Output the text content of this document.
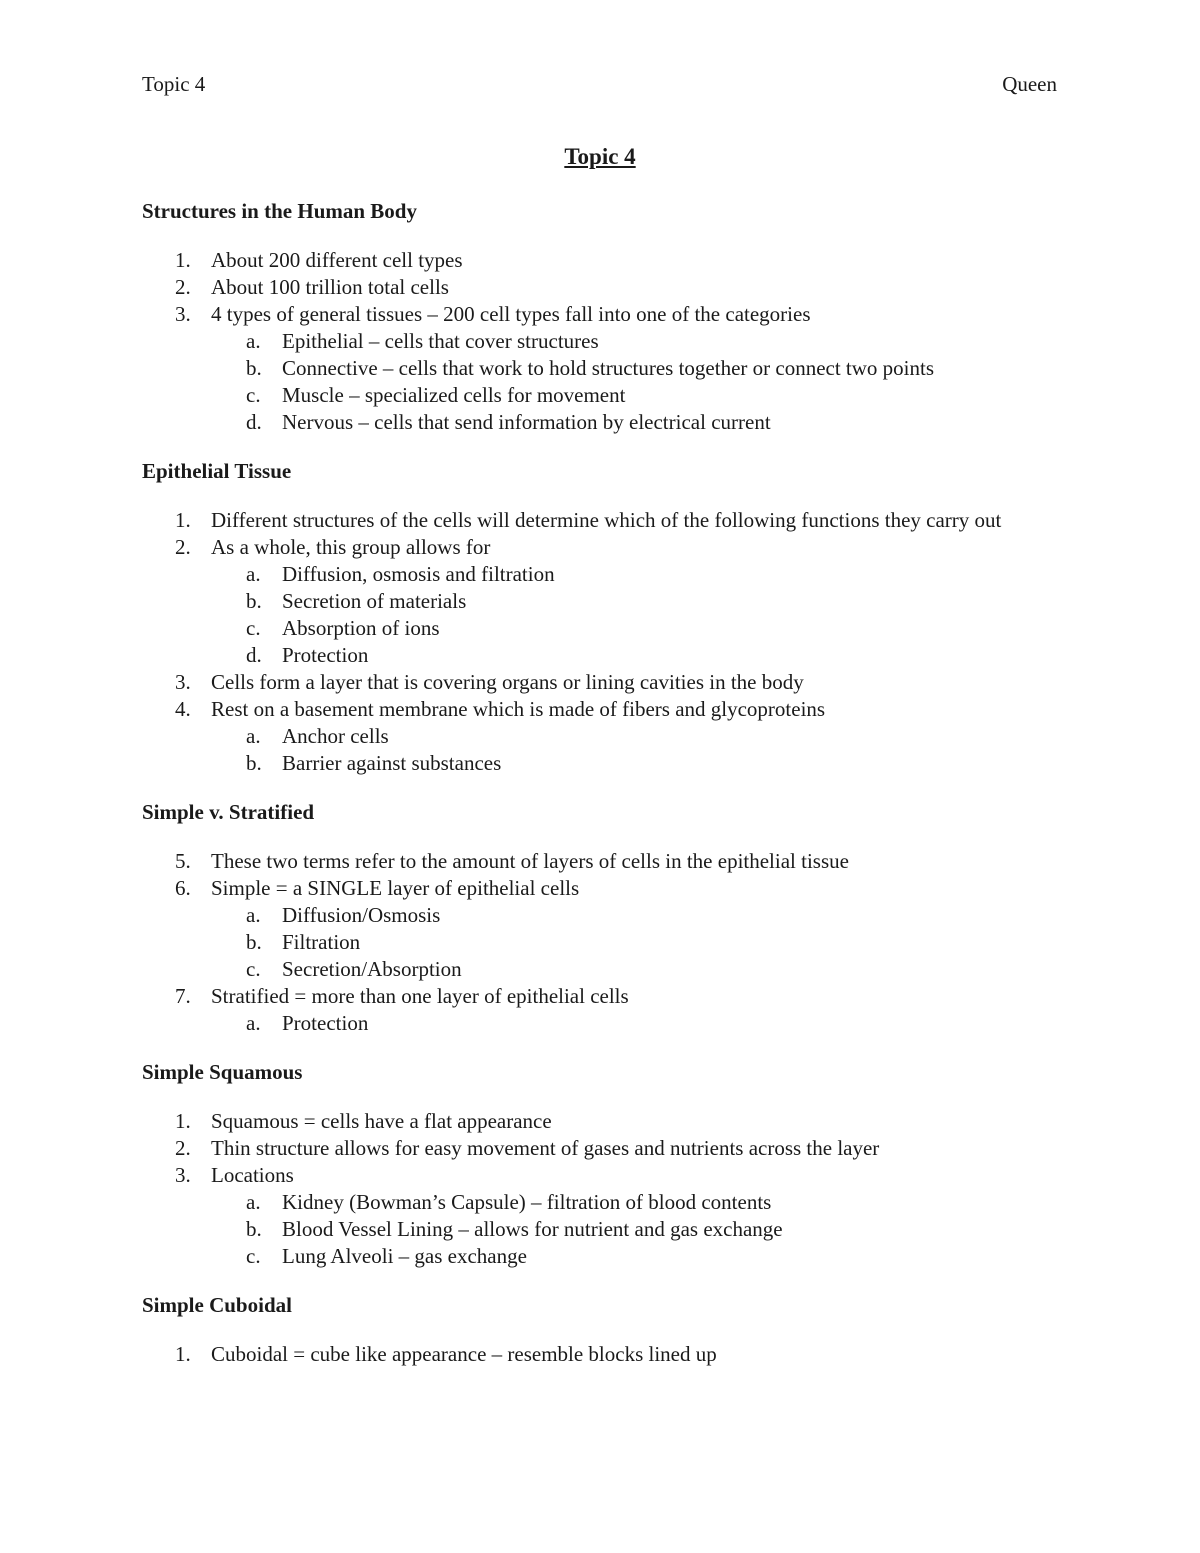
Topic 4	Queen
Topic 4
Structures in the Human Body
1. About 200 different cell types
2. About 100 trillion total cells
3. 4 types of general tissues – 200 cell types fall into one of the categories
a. Epithelial – cells that cover structures
b. Connective – cells that work to hold structures together or connect two points
c. Muscle – specialized cells for movement
d. Nervous – cells that send information by electrical current
Epithelial Tissue
1. Different structures of the cells will determine which of the following functions they carry out
2. As a whole, this group allows for
a. Diffusion, osmosis and filtration
b. Secretion of materials
c. Absorption of ions
d. Protection
3. Cells form a layer that is covering organs or lining cavities in the body
4. Rest on a basement membrane which is made of fibers and glycoproteins
a. Anchor cells
b. Barrier against substances
Simple v. Stratified
5. These two terms refer to the amount of layers of cells in the epithelial tissue
6. Simple = a SINGLE layer of epithelial cells
a. Diffusion/Osmosis
b. Filtration
c. Secretion/Absorption
7. Stratified = more than one layer of epithelial cells
a. Protection
Simple Squamous
1. Squamous = cells have a flat appearance
2. Thin structure allows for easy movement of gases and nutrients across the layer
3. Locations
a. Kidney (Bowman’s Capsule) – filtration of blood contents
b. Blood Vessel Lining – allows for nutrient and gas exchange
c. Lung Alveoli – gas exchange
Simple Cuboidal
1. Cuboidal = cube like appearance – resemble blocks lined up
